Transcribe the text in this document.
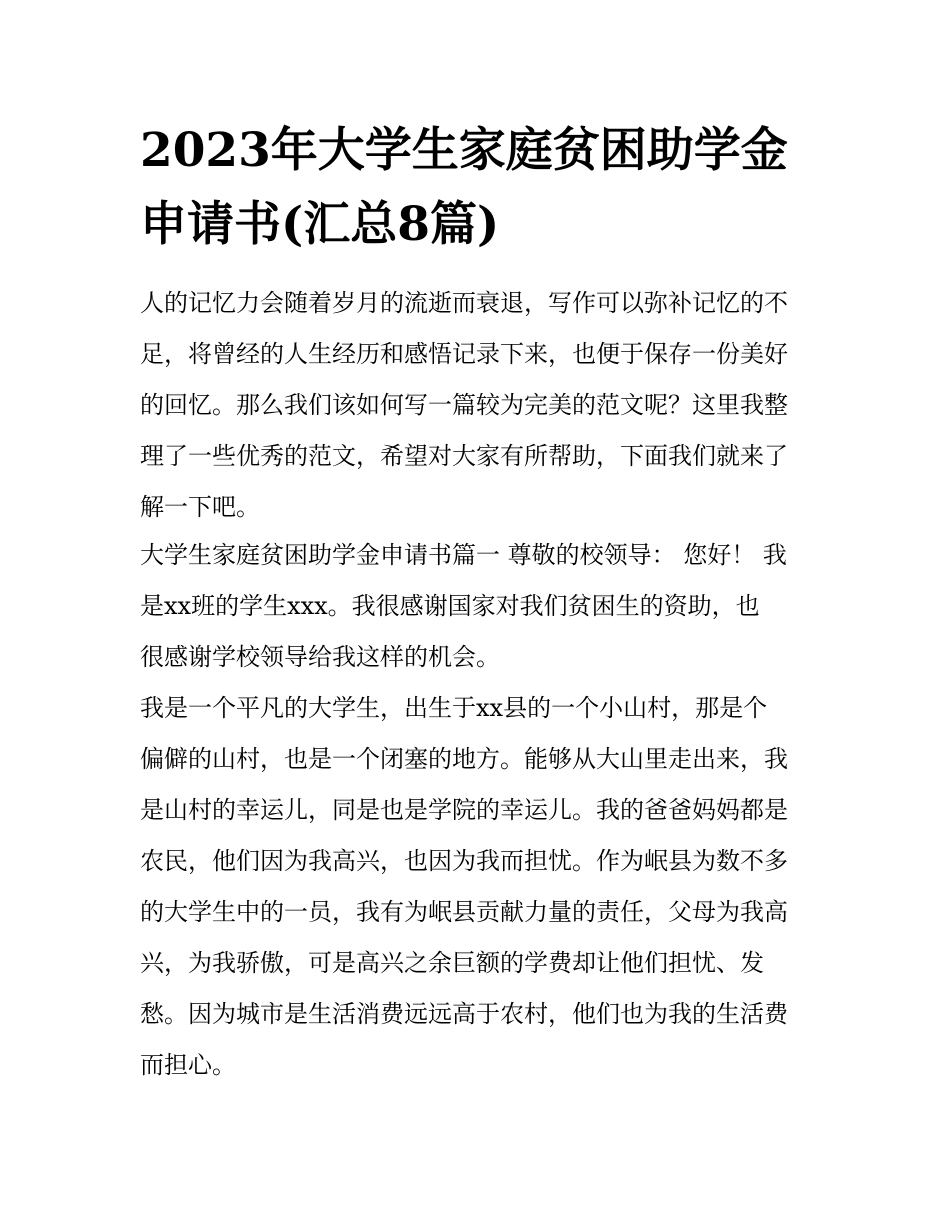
2023年大学生家庭贫困助学金
申请书(汇总8篇)
人的记忆力会随着岁月的流逝而衰退，写作可以弥补记忆的不
足，将曾经的人生经历和感悟记录下来，也便于保存一份美好
的回忆。那么我们该如何写一篇较为完美的范文呢？这里我整
理了一些优秀的范文，希望对大家有所帮助，下面我们就来了
解一下吧。
大学生家庭贫困助学金申请书篇一 尊敬的校领导： 您好！ 我
是xx班的学生xxx。我很感谢国家对我们贫困生的资助，也
很感谢学校领导给我这样的机会。
我是一个平凡的大学生，出生于xx县的一个小山村，那是个
偏僻的山村，也是一个闭塞的地方。能够从大山里走出来，我
是山村的幸运儿，同是也是学院的幸运儿。我的爸爸妈妈都是
农民，他们因为我高兴，也因为我而担忧。作为岷县为数不多
的大学生中的一员，我有为岷县贡献力量的责任，父母为我高
兴，为我骄傲，可是高兴之余巨额的学费却让他们担忧、发
愁。因为城市是生活消费远远高于农村，他们也为我的生活费
而担心。
